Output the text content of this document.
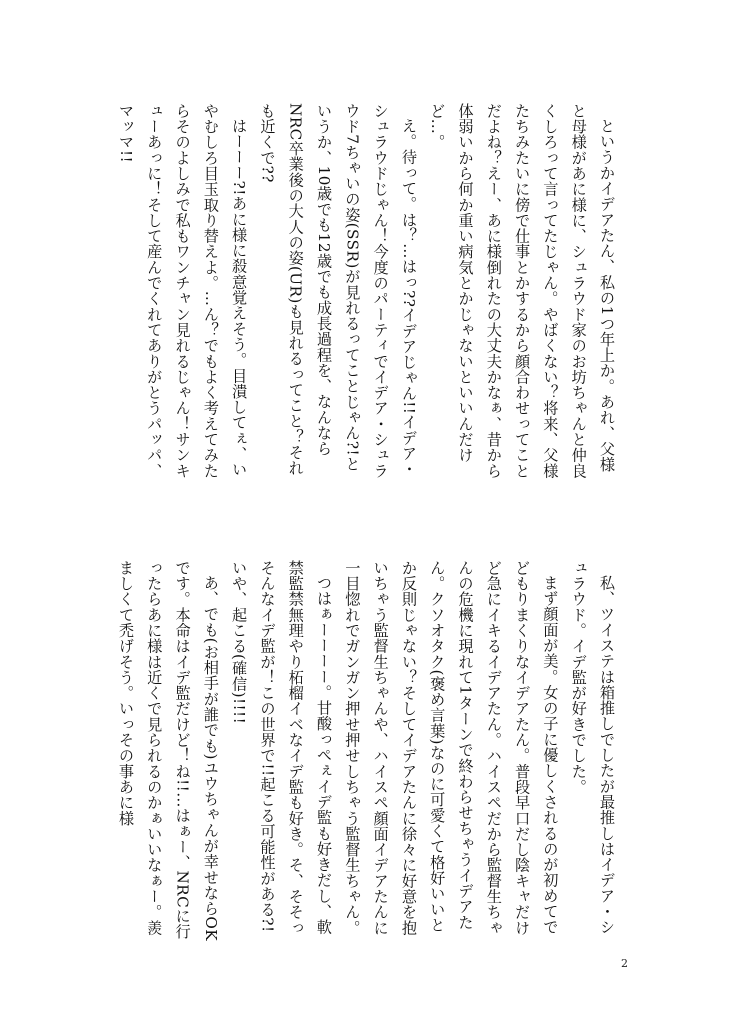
というかイデアたん、私の1つ年上か。あれ、父様と母様があに様に、シュラウド家のお坊ちゃんと仲良くしろって言ってたじゃん。やばくない？将来、父様たちみたいに傍で仕事とかするから顔合わせってことだよね？えー、あに様倒れたの大丈夫かなぁ、昔から体弱いから何か重い病気とかじゃないといいんだけど…。

え。待って。は？…はっ??イデアじゃん!!イデア・シュラウドじゃん！今度のパーティでイデア・シュラウド7ちゃいの姿(SSR)が見れるってことじゃん?!というか、10歳でも12歳でも成長過程を、なんならNRC卒業後の大人の姿(UR)も見れるってこと？それも近くで??

はーーー?!あに様に殺意覚えそう。目潰してぇ、いやむしろ目玉取り替えよ。…ん？でもよく考えてみたらそのよしみで私もワンチャン見れるじゃん！サンキューあっに！そして産んでくれてありがとうパッパ、マッマ!!

私、ツイステは箱推しでしたが最推しはイデア・シュラウド。イデ監が好きでした。

まず顔面が美。女の子に優しくされるのが初めてでどもりまくりなイデアたん。普段早口だし陰キャだけど急にイキるイデアたん。ハイスペだから監督生ちゃんの危機に現れて1ターンで終わらせちゃうイデアたん。クソオタク(褒め言葉)なのに可愛くて格好いいとか反則じゃない？そしてイデアたんに徐々に好意を抱いちゃう監督生ちゃんや、ハイスペ顔面イデアたんに一目惚れでガンガン押せ押せしちゃう監督生ちゃん。

つはぁーーーー。甘酸っぺぇイデ監も好きだし、軟禁監禁無理やり柘榴イベなイデ監も好き。そ、そそっそんなイデ監が！この世界で!!起こる可能性がある?!いや、起こる(確信)!!!!

あ、でも(お相手が誰でも)ユウちゃんが幸せならOKです。本命はイデ監だけど！ね!!…はぁー、NRCに行ったらあに様は近くで見られるのかぁいいなぁー。羨ましくて禿げそう。いっその事あに様

2
